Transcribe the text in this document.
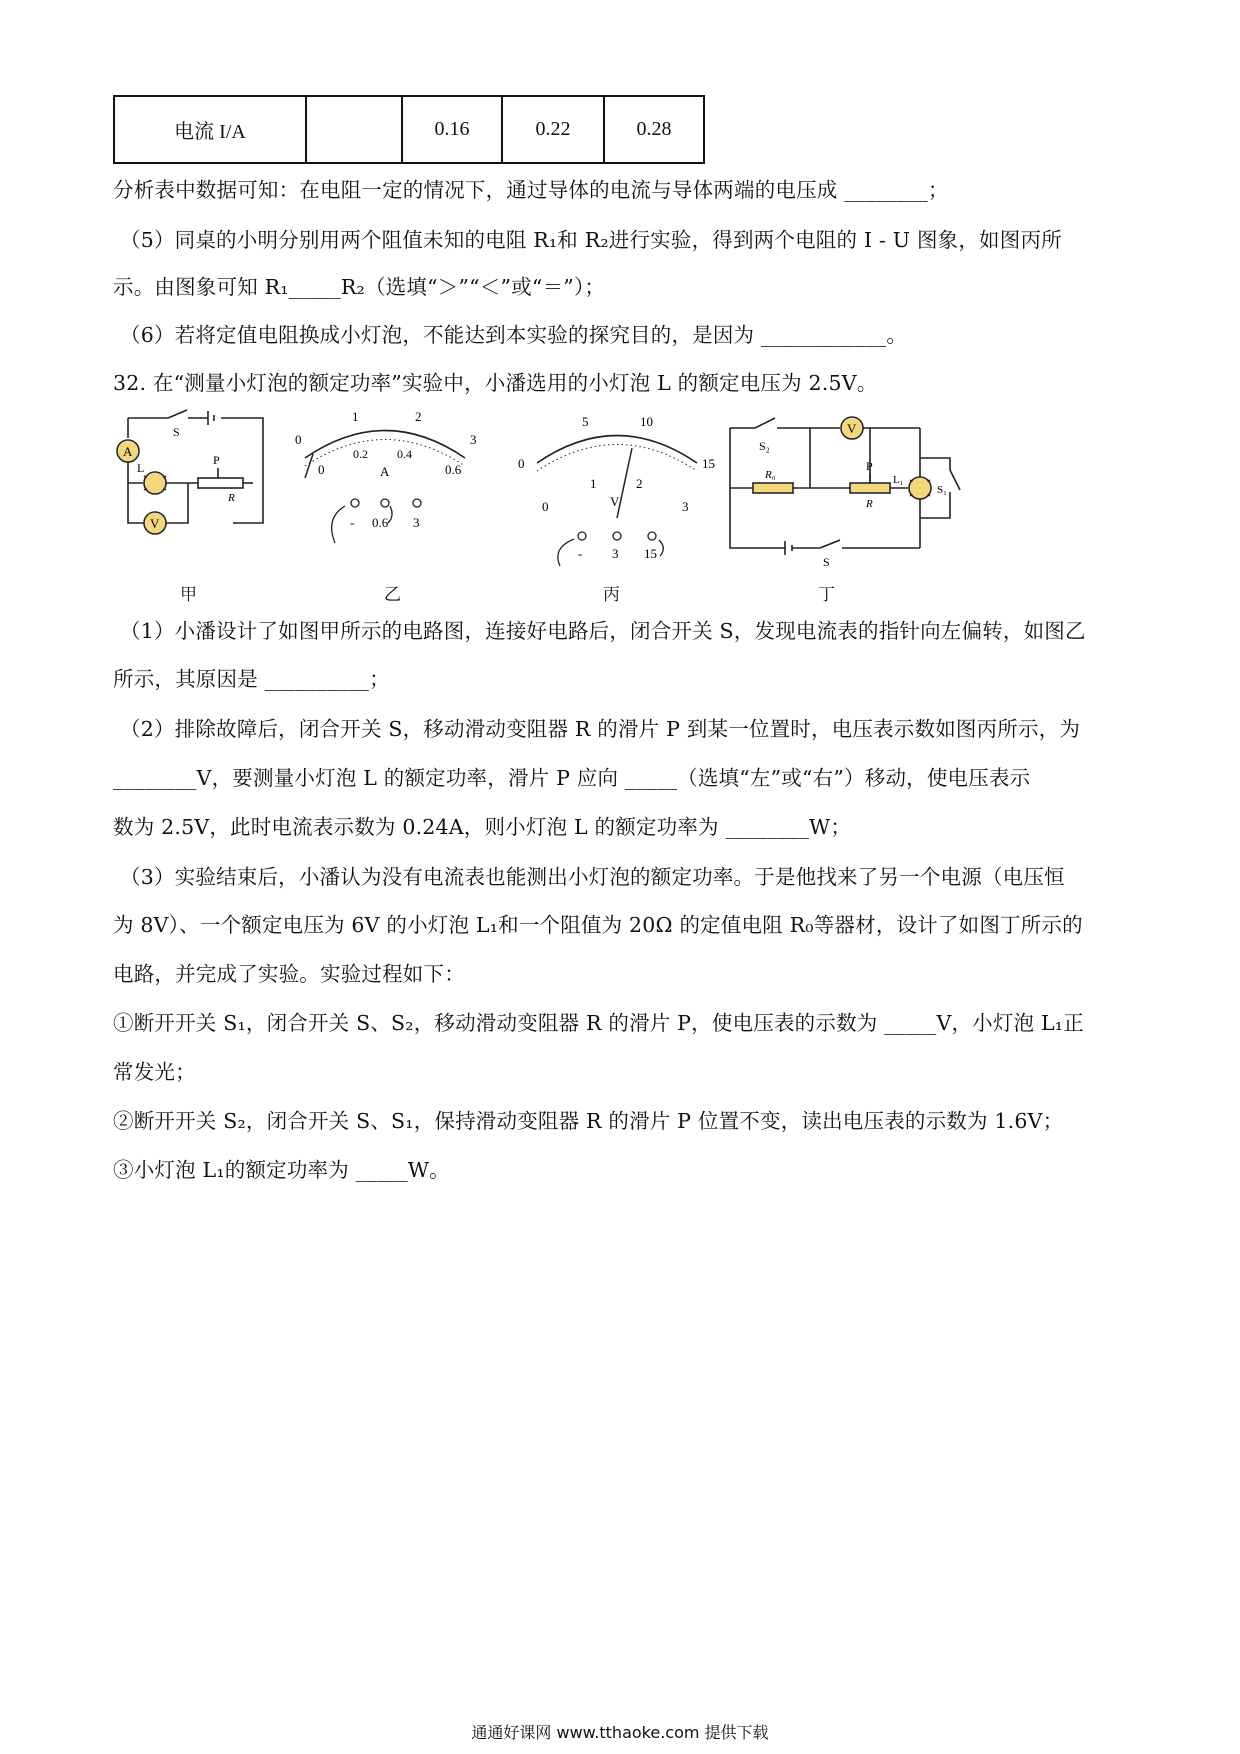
电流 I/A		0.16	0.22	0.28
分析表中数据可知：在电阻一定的情况下，通过导体的电流与导体两端的电压成 ________；
（5）同桌的小明分别用两个阻值未知的电阻 R₁和 R₂进行实验，得到两个电阻的 I - U 图象，如图丙所
示。由图象可知 R₁_____R₂（选填“＞”“＜”或“＝”）；
（6）若将定值电阻换成小灯泡，不能达到本实验的探究目的，是因为 ____________。
32. 在“测量小灯泡的额定功率”实验中，小潘选用的小灯泡 L 的额定电压为 2.5V。
S
A
L
V
P
R
0
1	2
3
0
0.2 0.4
0.6
A
- 0.6 3
0
5	10
15
0
1	2
3
V
- 3 15
S₂
V
R₀
P
L₁
R
S₁
S
甲	乙	丙	丁
（1）小潘设计了如图甲所示的电路图，连接好电路后，闭合开关 S，发现电流表的指针向左偏转，如图乙
所示，其原因是 __________；
（2）排除故障后，闭合开关 S，移动滑动变阻器 R 的滑片 P 到某一位置时，电压表示数如图丙所示，为
________V，要测量小灯泡 L 的额定功率，滑片 P 应向 _____（选填“左”或“右”）移动，使电压表示
数为 2.5V，此时电流表示数为 0.24A，则小灯泡 L 的额定功率为 ________W；
（3）实验结束后，小潘认为没有电流表也能测出小灯泡的额定功率。于是他找来了另一个电源（电压恒
为 8V）、一个额定电压为 6V 的小灯泡 L₁和一个阻值为 20Ω 的定值电阻 R₀等器材，设计了如图丁所示的
电路，并完成了实验。实验过程如下：
①断开开关 S₁，闭合开关 S、S₂，移动滑动变阻器 R 的滑片 P，使电压表的示数为 _____V，小灯泡 L₁正
常发光；
②断开开关 S₂，闭合开关 S、S₁，保持滑动变阻器 R 的滑片 P 位置不变，读出电压表的示数为 1.6V；
③小灯泡 L₁的额定功率为 _____W。
通通好课网 www.tthaoke.com 提供下载
